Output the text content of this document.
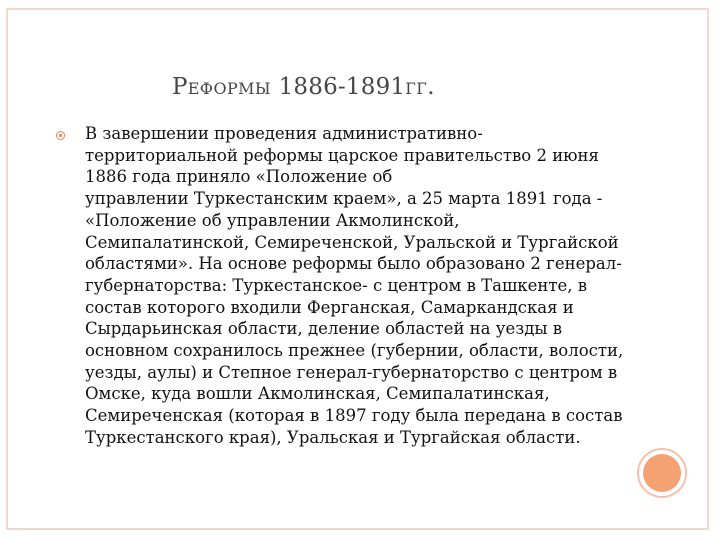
РЕФОРМЫ 1886-1891ГГ.
В завершении проведения административно-
территориальной реформы царское правительство 2 июня
1886 года приняло «Положение об
управлении Туркестанским краем», а 25 марта 1891 года -
«Положение об управлении Акмолинской,
Семипалатинской, Семиреченской, Уральской и Тургайской
областями». На основе реформы было образовано 2 генерал-
губернаторства: Туркестанское- с центром в Ташкенте, в
состав которого входили Ферганская, Самаркандская и
Сырдарьинская области, деление областей на уезды в
основном сохранилось прежнее (губернии, области, волости,
уезды, аулы) и Степное генерал-губернаторство с центром в
Омске, куда вошли Акмолинская, Семипалатинская,
Семиреченская (которая в 1897 году была передана в состав
Туркестанского края), Уральская и Тургайская области.
